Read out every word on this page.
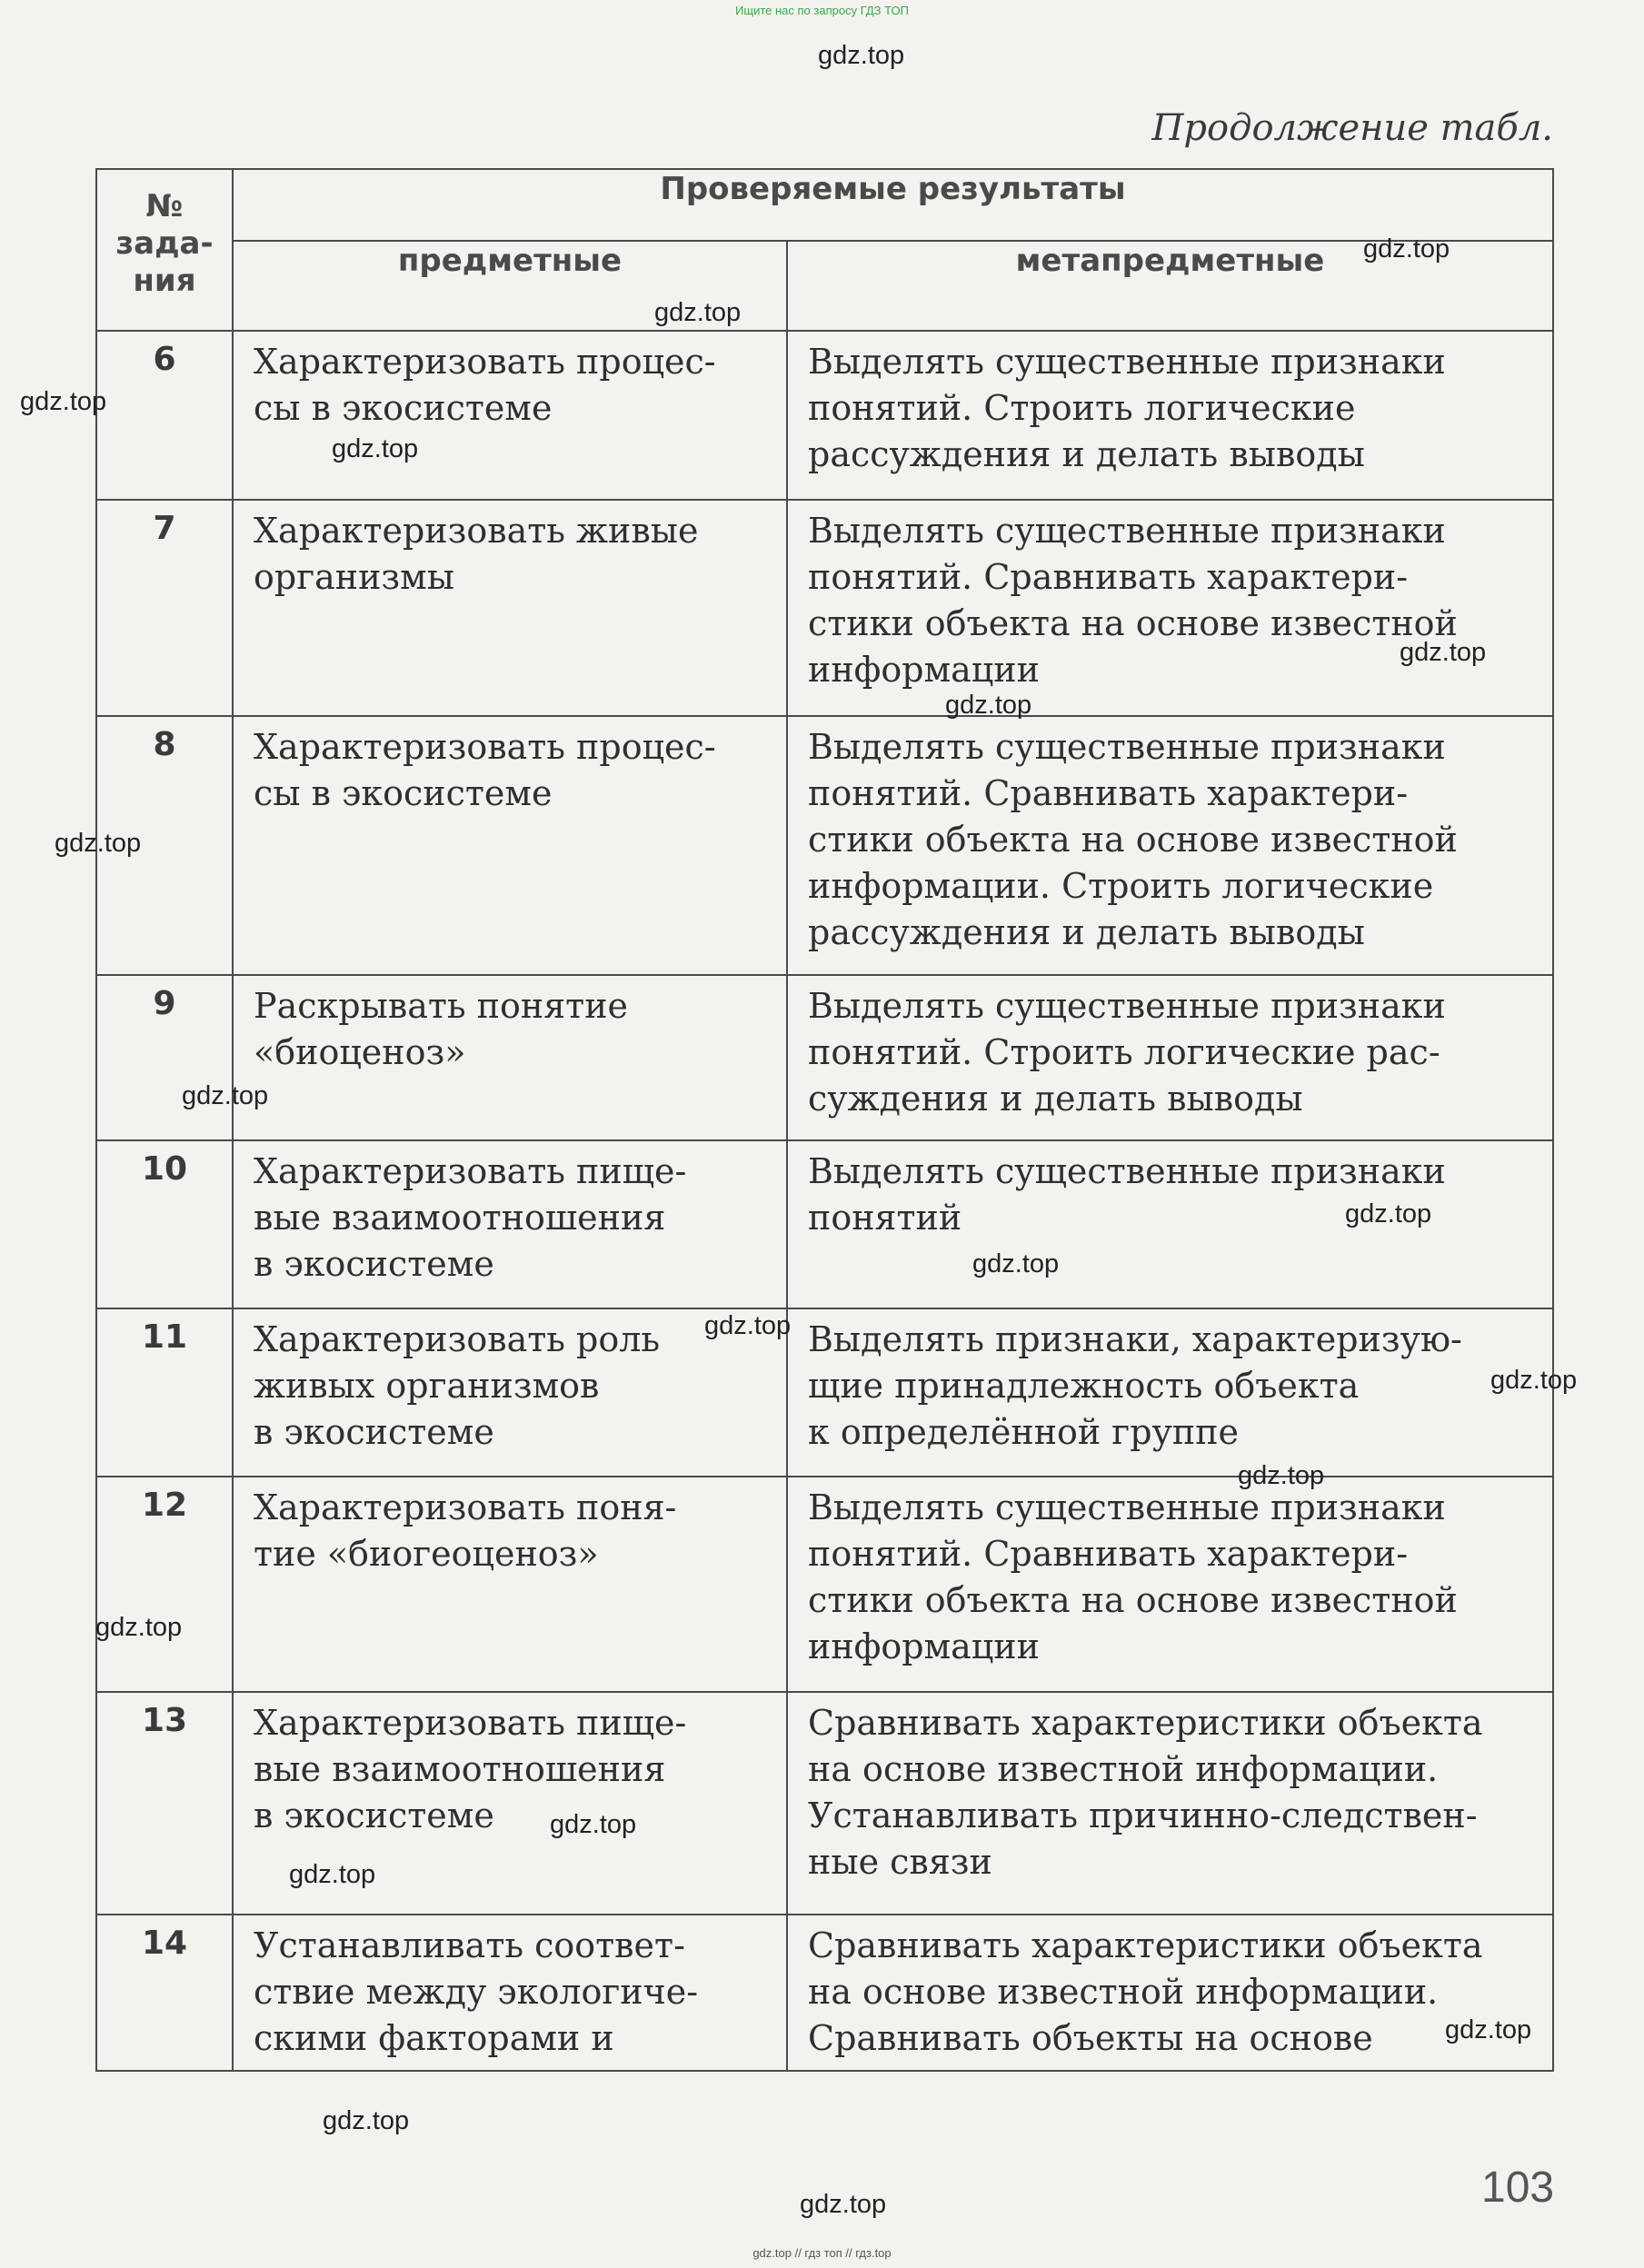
Ищите нас по запросу ГДЗ ТОП
Продолжение табл.
№
зада-
ния	Проверяемые результаты	
	предметные	метапредметные
6	Характеризовать процес-
сы в экосистеме	Выделять существенные признаки
понятий. Строить логические
рассуждения и делать выводы

7	Характеризовать живые
организмы	Выделять существенные признаки
понятий. Сравнивать характери-
стики объекта на основе известной
информации

8	Характеризовать процес-
сы в экосистеме	Выделять существенные признаки
понятий. Сравнивать характери-
стики объекта на основе известной
информации. Строить логические
рассуждения и делать выводы

9	Раскрывать понятие
«биоценоз»	Выделять существенные признаки
понятий. Строить логические рас-
суждения и делать выводы

10	Характеризовать пище-
вые взаимоотношения
в экосистеме	Выделять существенные признаки
понятий

11	Характеризовать роль
живых организмов
в экосистеме	Выделять признаки, характеризую-
щие принадлежность объекта
к определённой группе

12	Характеризовать поня-
тие «биогеоценоз»	Выделять существенные признаки
понятий. Сравнивать характери-
стики объекта на основе известной
информации

13	Характеризовать пище-
вые взаимоотношения
в экосистеме	Сравнивать характеристики объекта
на основе известной информации.
Устанавливать причинно-следствен-
ные связи

14	Устанавливать соответ-
ствие между экологиче-
скими факторами и	Сравнивать характеристики объекта
на основе известной информации.
Сравнивать объекты на основе
103
gdz.top
gdz.top
gdz.top
gdz.top
gdz.top
gdz.top
gdz.top
gdz.top
gdz.top
gdz.top
gdz.top
gdz.top
gdz.top
gdz.top
gdz.top
gdz.top
gdz.top
gdz.top
gdz.top
gdz.top
gdz.top // гдз топ // гдз.top
